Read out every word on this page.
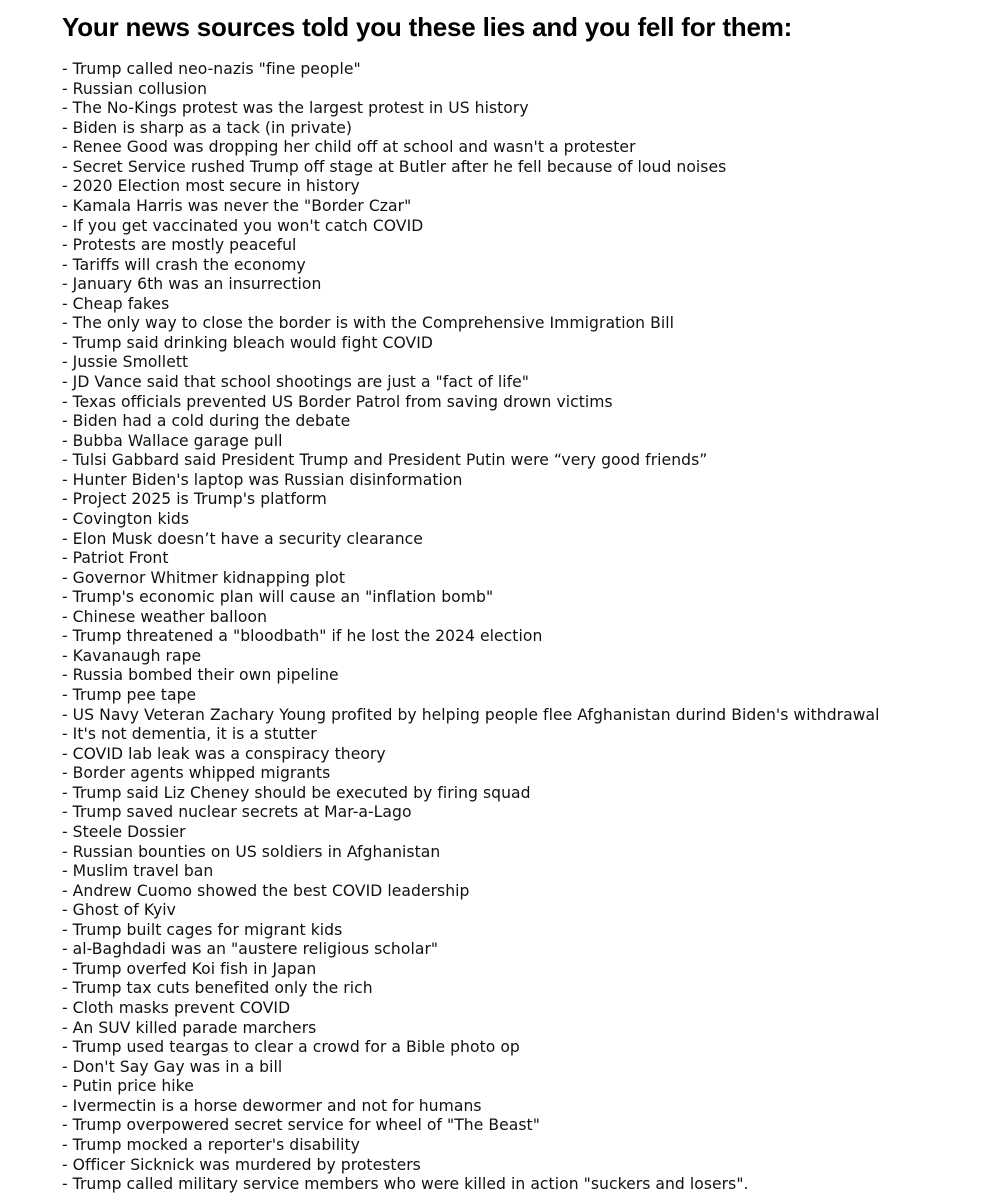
Your news sources told you these lies and you fell for them:
- Trump called neo-nazis "fine people"
- Russian collusion
- The No-Kings protest was the largest protest in US history
- Biden is sharp as a tack (in private)
- Renee Good was dropping her child off at school and wasn't a protester
- Secret Service rushed Trump off stage at Butler after he fell because of loud noises
- 2020 Election most secure in history
- Kamala Harris was never the "Border Czar"
- If you get vaccinated you won't catch COVID
- Protests are mostly peaceful
- Tariffs will crash the economy
- January 6th was an insurrection
- Cheap fakes
- The only way to close the border is with the Comprehensive Immigration Bill
- Trump said drinking bleach would fight COVID
- Jussie Smollett
- JD Vance said that school shootings are just a "fact of life"
- Texas officials prevented US Border Patrol from saving drown victims
- Biden had a cold during the debate
- Bubba Wallace garage pull
- Tulsi Gabbard said President Trump and President Putin were “very good friends”
- Hunter Biden's laptop was Russian disinformation
- Project 2025 is Trump's platform
- Covington kids
- Elon Musk doesn’t have a security clearance
- Patriot Front
- Governor Whitmer kidnapping plot
- Trump's economic plan will cause an "inflation bomb"
- Chinese weather balloon
- Trump threatened a "bloodbath" if he lost the 2024 election
- Kavanaugh rape
- Russia bombed their own pipeline
- Trump pee tape
- US Navy Veteran Zachary Young profited by helping people flee Afghanistan durind Biden's withdrawal
- It's not dementia, it is a stutter
- COVID lab leak was a conspiracy theory
- Border agents whipped migrants
- Trump said Liz Cheney should be executed by firing squad
- Trump saved nuclear secrets at Mar-a-Lago
- Steele Dossier
- Russian bounties on US soldiers in Afghanistan
- Muslim travel ban
- Andrew Cuomo showed the best COVID leadership
- Ghost of Kyiv
- Trump built cages for migrant kids
- al-Baghdadi was an "austere religious scholar"
- Trump overfed Koi fish in Japan
- Trump tax cuts benefited only the rich
- Cloth masks prevent COVID
- An SUV killed parade marchers
- Trump used teargas to clear a crowd for a Bible photo op
- Don't Say Gay was in a bill
- Putin price hike
- Ivermectin is a horse dewormer and not for humans
- Trump overpowered secret service for wheel of "The Beast"
- Trump mocked a reporter's disability
- Officer Sicknick was murdered by protesters
- Trump called military service members who were killed in action "suckers and losers".
